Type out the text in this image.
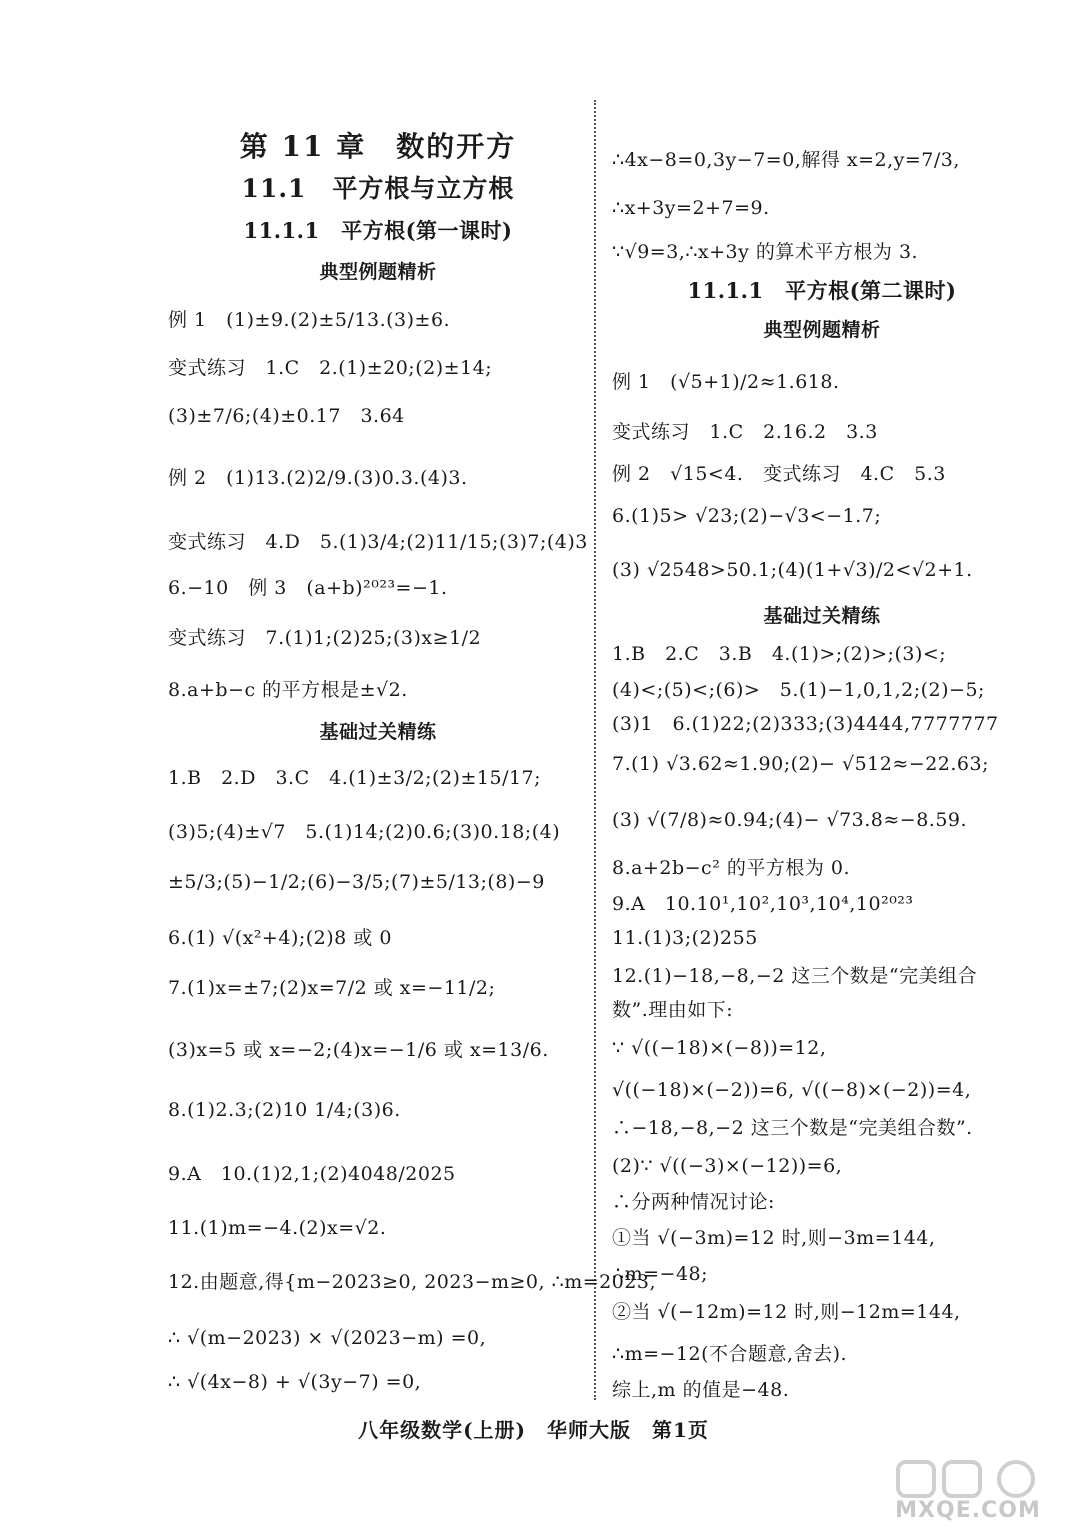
第 11 章　数的开方
11.1　平方根与立方根
11.1.1　平方根(第一课时)
典型例题精析
例 1　(1)±9.(2)±5/13.(3)±6.
变式练习　1.C　2.(1)±20;(2)±14;
(3)±7/6;(4)±0.17　3.64
例 2　(1)13.(2)2/9.(3)0.3.(4)3.
变式练习　4.D　5.(1)3/4;(2)11/15;(3)7;(4)3
6.−10　例 3　(a+b)²⁰²³=−1.
变式练习　7.(1)1;(2)25;(3)x≥1/2
8.a+b−c 的平方根是±√2.
基础过关精练
1.B　2.D　3.C　4.(1)±3/2;(2)±15/17;
(3)5;(4)±√7　5.(1)14;(2)0.6;(3)0.18;(4)
±5/3;(5)−1/2;(6)−3/5;(7)±5/13;(8)−9
6.(1) √(x²+4);(2)8 或 0
7.(1)x=±7;(2)x=7/2 或 x=−11/2;
(3)x=5 或 x=−2;(4)x=−1/6 或 x=13/6.
8.(1)2.3;(2)10 1/4;(3)6.
9.A　10.(1)2,1;(2)4048/2025
11.(1)m=−4.(2)x=√2.
12.由题意,得{m−2023≥0, 2023−m≥0, ∴m=2023,
∴ √(m−2023) × √(2023−m) =0,
∴ √(4x−8) + √(3y−7) =0,
∴4x−8=0,3y−7=0,解得 x=2,y=7/3,
∴x+3y=2+7=9.
∵√9=3,∴x+3y 的算术平方根为 3.
11.1.1　平方根(第二课时)
典型例题精析
例 1　(√5+1)/2≈1.618.
变式练习　1.C　2.16.2　3.3
例 2　√15<4.　变式练习　4.C　5.3
6.(1)5> √23;(2)−√3<−1.7;
(3) √2548>50.1;(4)(1+√3)/2<√2+1.
基础过关精练
1.B　2.C　3.B　4.(1)>;(2)>;(3)<;
(4)<;(5)<;(6)>　5.(1)−1,0,1,2;(2)−5;
(3)1　6.(1)22;(2)333;(3)4444,7777777
7.(1) √3.62≈1.90;(2)− √512≈−22.63;
(3) √(7/8)≈0.94;(4)− √73.8≈−8.59.
8.a+2b−c² 的平方根为 0.
9.A　10.10¹,10²,10³,10⁴,10²⁰²³
11.(1)3;(2)255
12.(1)−18,−8,−2 这三个数是“完美组合
数”.理由如下:
∵ √((−18)×(−8))=12,
√((−18)×(−2))=6, √((−8)×(−2))=4,
∴−18,−8,−2 这三个数是“完美组合数”.
(2)∵ √((−3)×(−12))=6,
∴分两种情况讨论:
①当 √(−3m)=12 时,则−3m=144,
∴m=−48;
②当 √(−12m)=12 时,则−12m=144,
∴m=−12(不合题意,舍去).
综上,m 的值是−48.
八年级数学(上册)　华师大版　第1页
MXQE.COM
